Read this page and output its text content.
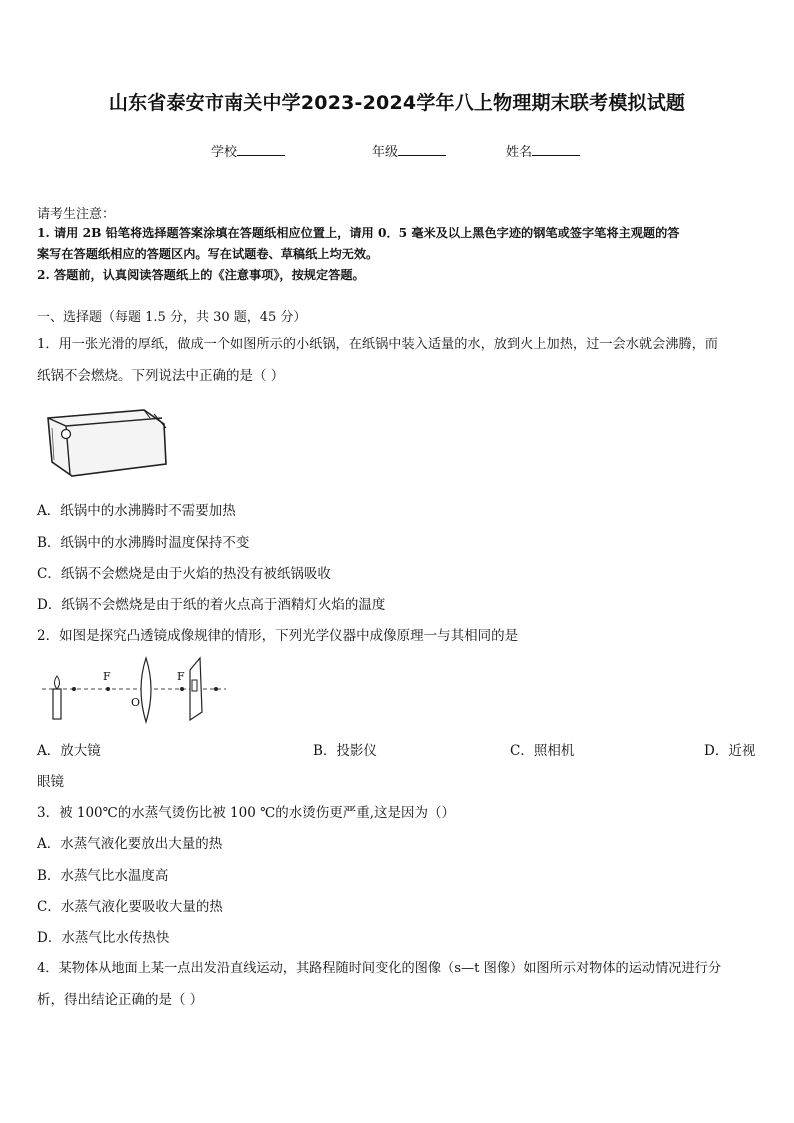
山东省泰安市南关中学2023-2024学年八上物理期末联考模拟试题
学校	年级	姓名
请考生注意：
1. 请用 2B 铅笔将选择题答案涂填在答题纸相应位置上，请用 0．5 毫米及以上黑色字迹的钢笔或签字笔将主观题的答
案写在答题纸相应的答题区内。写在试题卷、草稿纸上均无效。
2. 答题前，认真阅读答题纸上的《注意事项》，按规定答题。
一、选择题（每题 1.5 分，共 30 题，45 分）
1．用一张光滑的厚纸，做成一个如图所示的小纸锅，在纸锅中装入适量的水，放到火上加热，过一会水就会沸腾，而
纸锅不会燃烧。下列说法中正确的是（ ）
A．纸锅中的水沸腾时不需要加热
B．纸锅中的水沸腾时温度保持不变
C．纸锅不会燃烧是由于火焰的热没有被纸锅吸收
D．纸锅不会燃烧是由于纸的着火点高于酒精灯火焰的温度
2．如图是探究凸透镜成像规律的情形，下列光学仪器中成像原理一与其相同的是
F	F
O
A．放大镜	B．投影仪	C．照相机	D．近视
眼镜
3．被 100℃的水蒸气烫伤比被 100 ℃的水烫伤更严重,这是因为（）
A．水蒸气液化要放出大量的热
B．水蒸气比水温度高
C．水蒸气液化要吸收大量的热
D．水蒸气比水传热快
4．某物体从地面上某一点出发沿直线运动，其路程随时间变化的图像（s—t 图像）如图所示对物体的运动情况进行分
析，得出结论正确的是（ ）
